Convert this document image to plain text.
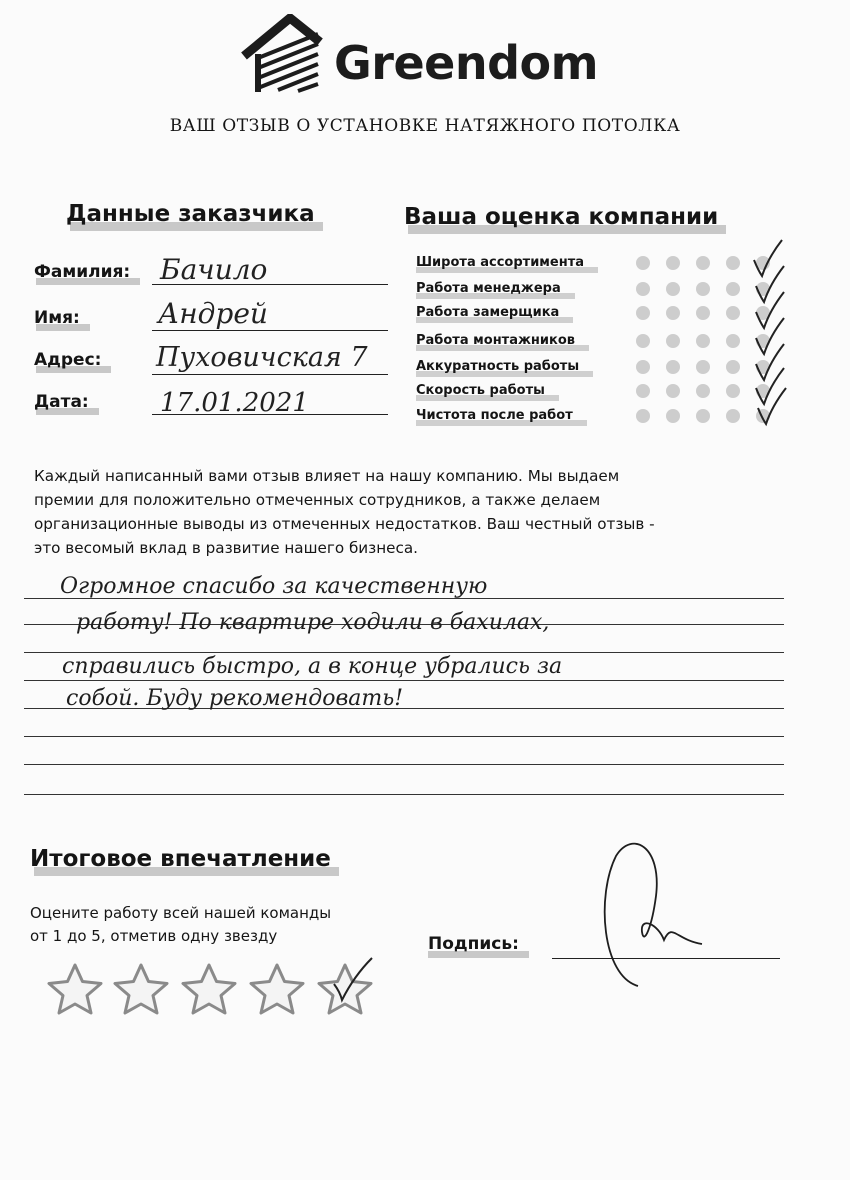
Greendom
ВАШ ОТЗЫВ О УСТАНОВКЕ НАТЯЖНОГО ПОТОЛКА
Данные заказчика
Фамилия: Бачило
Имя:	Андрей
Адрес: Пуховичская 7
Дата:	17.01.2021
Ваша оценка компании
Широта ассортимента
Работа менеджера
Работа замерщика
Работа монтажников
Аккуратность работы
Скорость работы
Чистота после работ
Каждый написанный вами отзыв влияет на нашу компанию. Мы выдаем
премии для положительно отмеченных сотрудников, а также делаем
организационные выводы из отмеченных недостатков. Ваш честный отзыв -
это весомый вклад в развитие нашего бизнеса.
Огромное спасибо за качественную
работу! По квартире ходили в бахилах,
справились быстро, а в конце убрались за
собой. Буду рекомендовать!
Итоговое впечатление
Оцените работу всей нашей команды
от 1 до 5, отметив одну звезду	Подпись:
